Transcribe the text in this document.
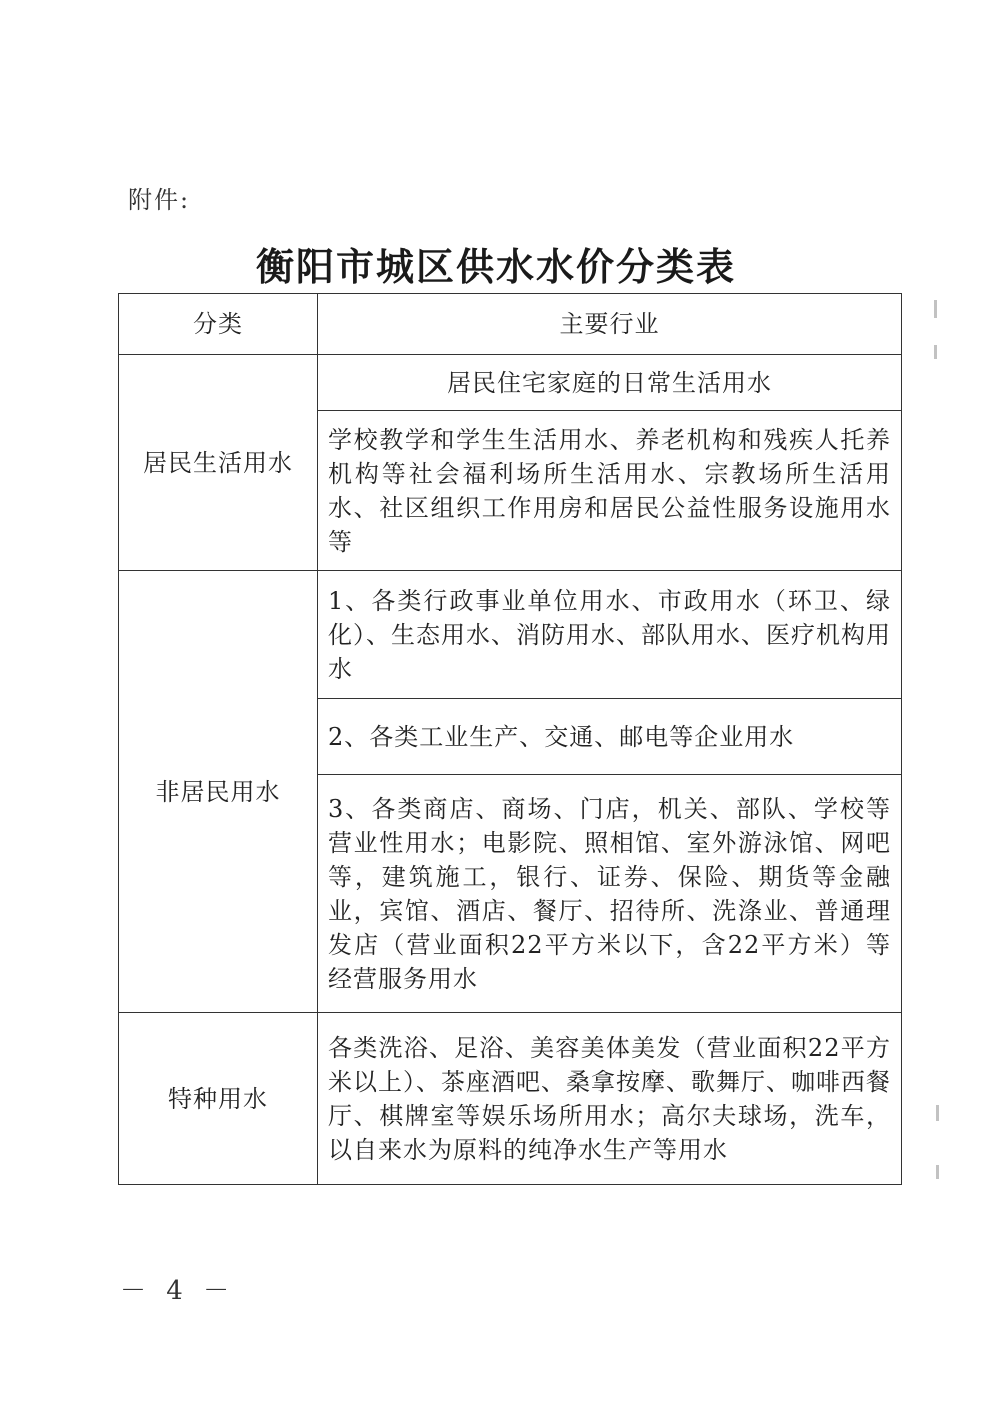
附件:
衡阳市城区供水水价分类表
分类	主要行业
居民生活用水	居民住宅家庭的日常生活用水
	学校教学和学生生活用水、养老机构和残疾人托养机构等社会福利场所生活用水、宗教场所生活用水、社区组织工作用房和居民公益性服务设施用水等
非居民用水	1、各类行政事业单位用水、市政用水（环卫、绿化）、生态用水、消防用水、部队用水、医疗机构用水
	2、各类工业生产、交通、邮电等企业用水
	3、各类商店、商场、门店，机关、部队、学校等营业性用水；电影院、照相馆、室外游泳馆、网吧等，建筑施工，银行、证券、保险、期货等金融业，宾馆、酒店、餐厅、招待所、洗涤业、普通理发店（营业面积22平方米以下，含22平方米）等经营服务用水
特种用水	各类洗浴、足浴、美容美体美发（营业面积22平方米以上）、茶座酒吧、桑拿按摩、歌舞厅、咖啡西餐厅、棋牌室等娱乐场所用水；高尔夫球场，洗车，以自来水为原料的纯净水生产等用水
－ 4 －
